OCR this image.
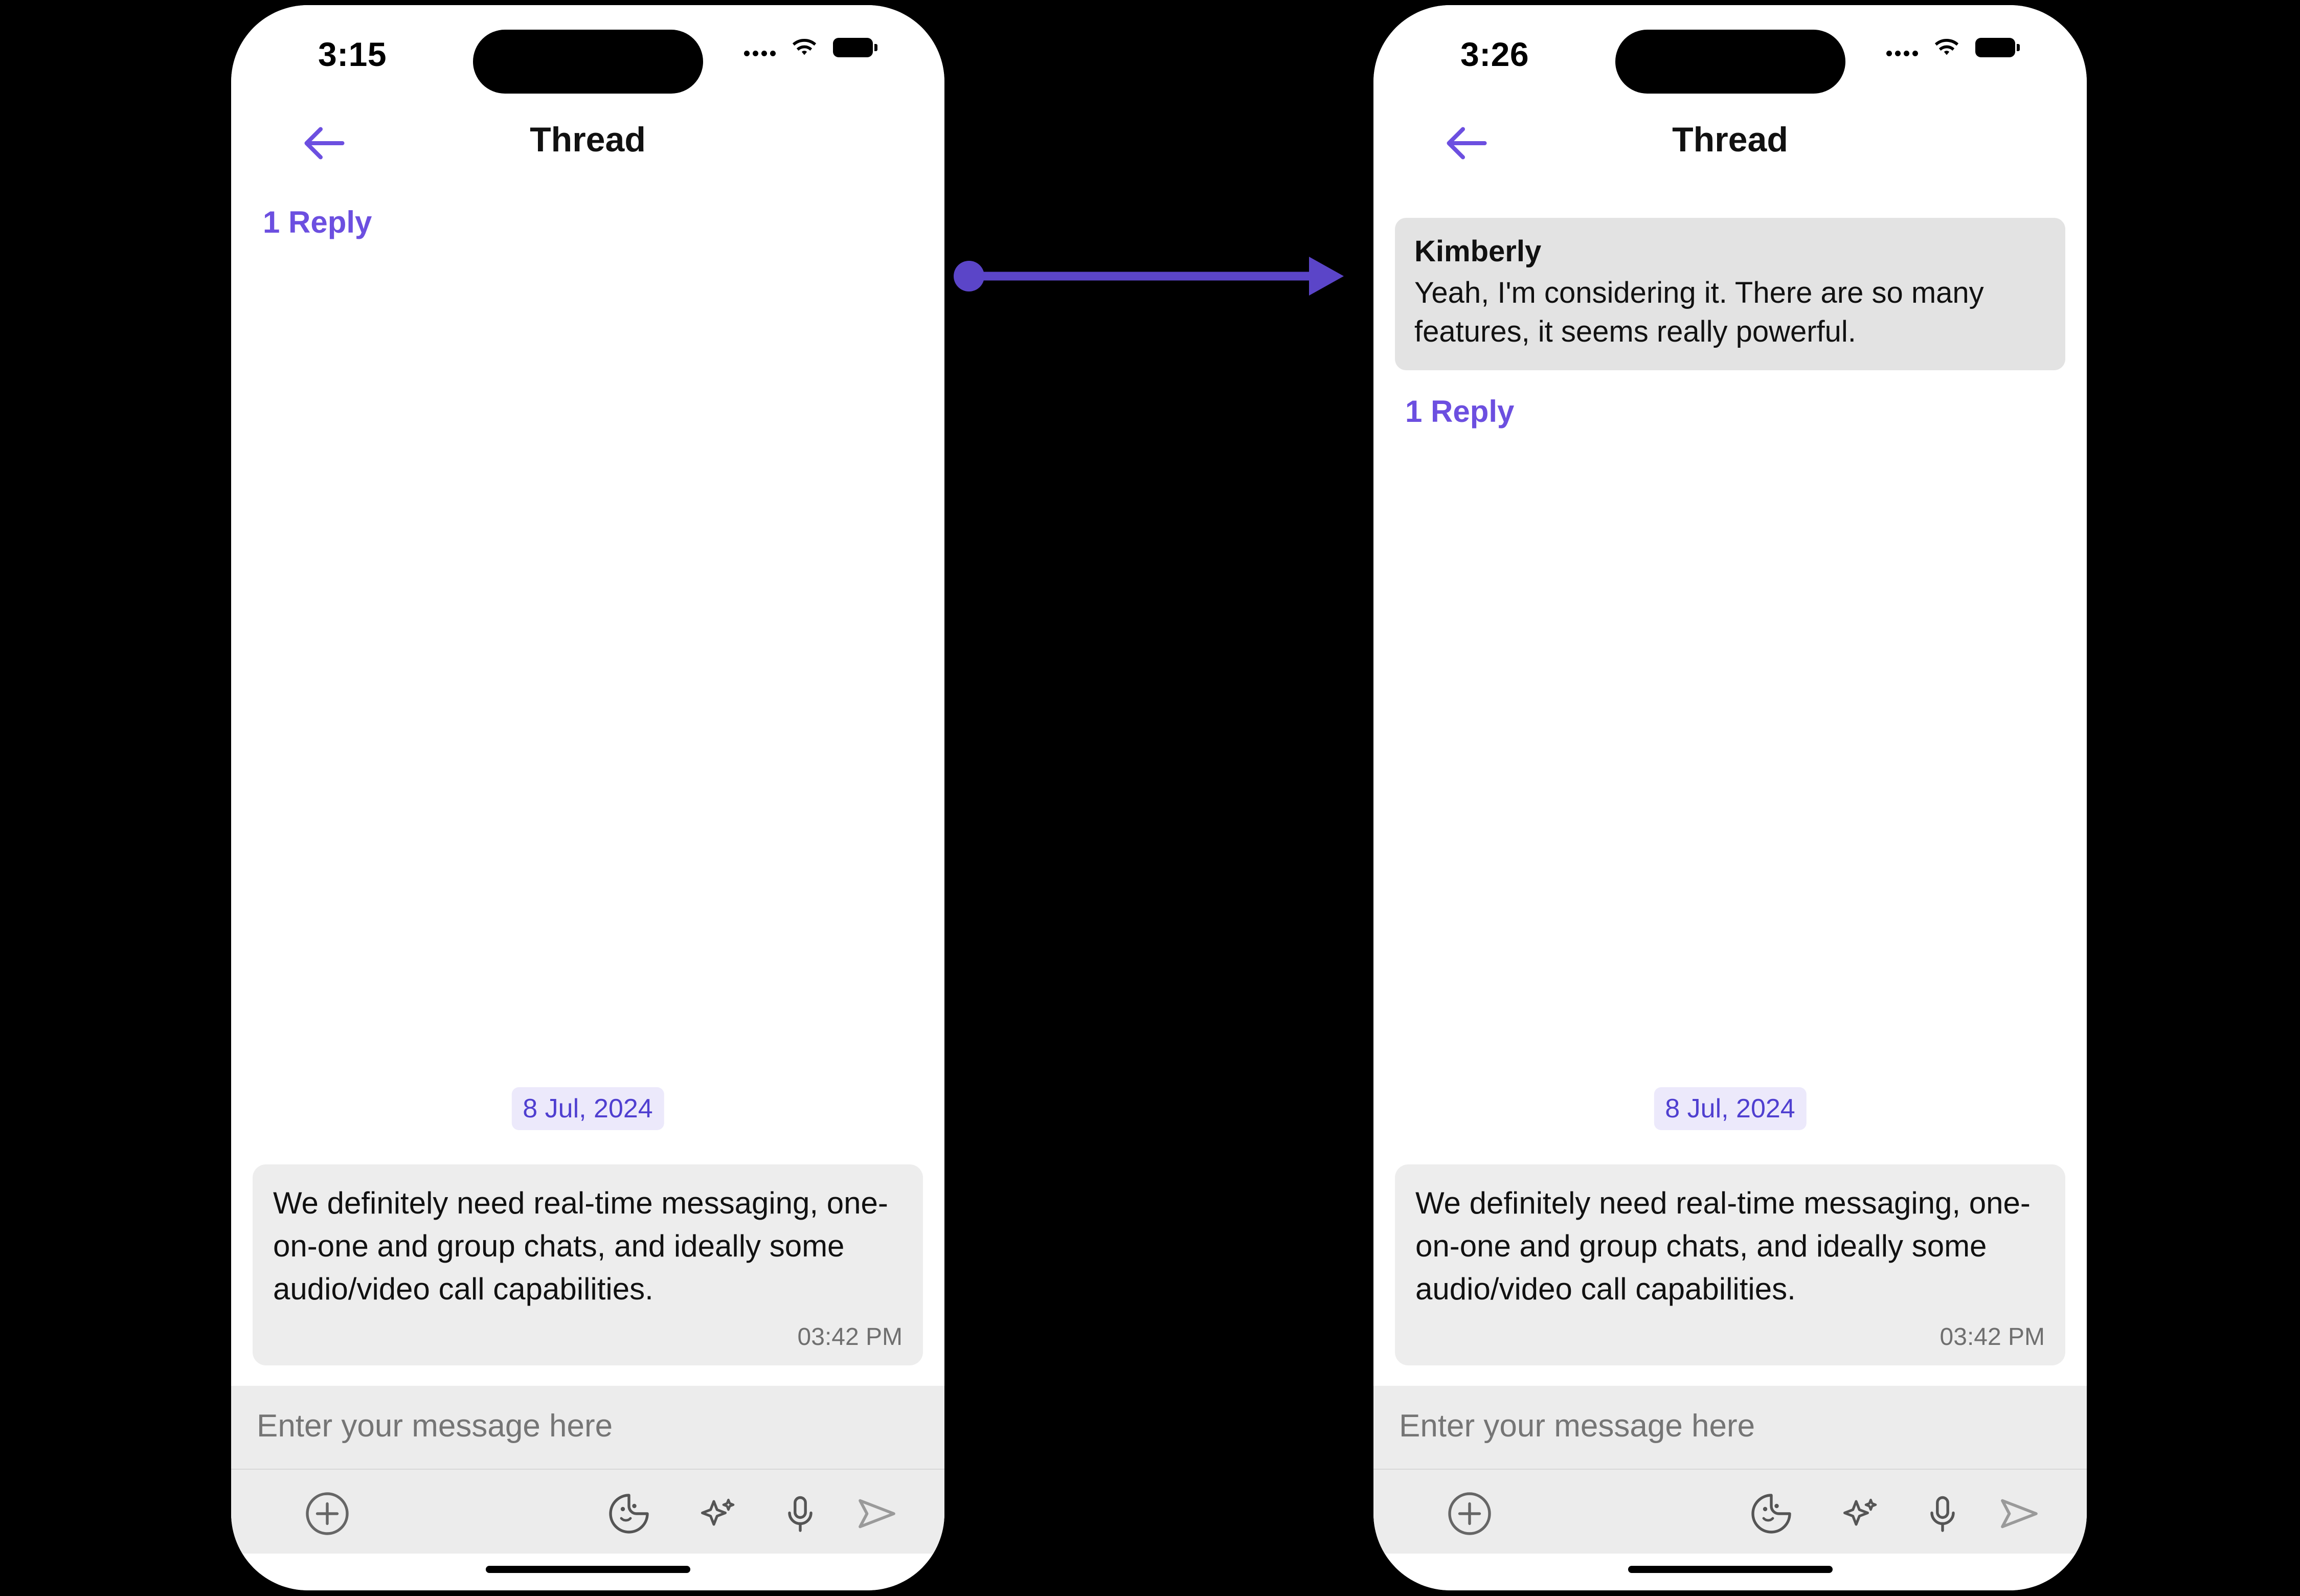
3:15
Thread
1 Reply
8 Jul, 2024
We definitely need real-time messaging, one-on-one and group chats, and ideally some audio/video call capabilities.
03:42 PM
Enter your message here
3:26
Thread
Kimberly
Yeah, I'm considering it. There are so many features, it seems really powerful.
1 Reply
8 Jul, 2024
We definitely need real-time messaging, one-on-one and group chats, and ideally some audio/video call capabilities.
03:42 PM
Enter your message here
